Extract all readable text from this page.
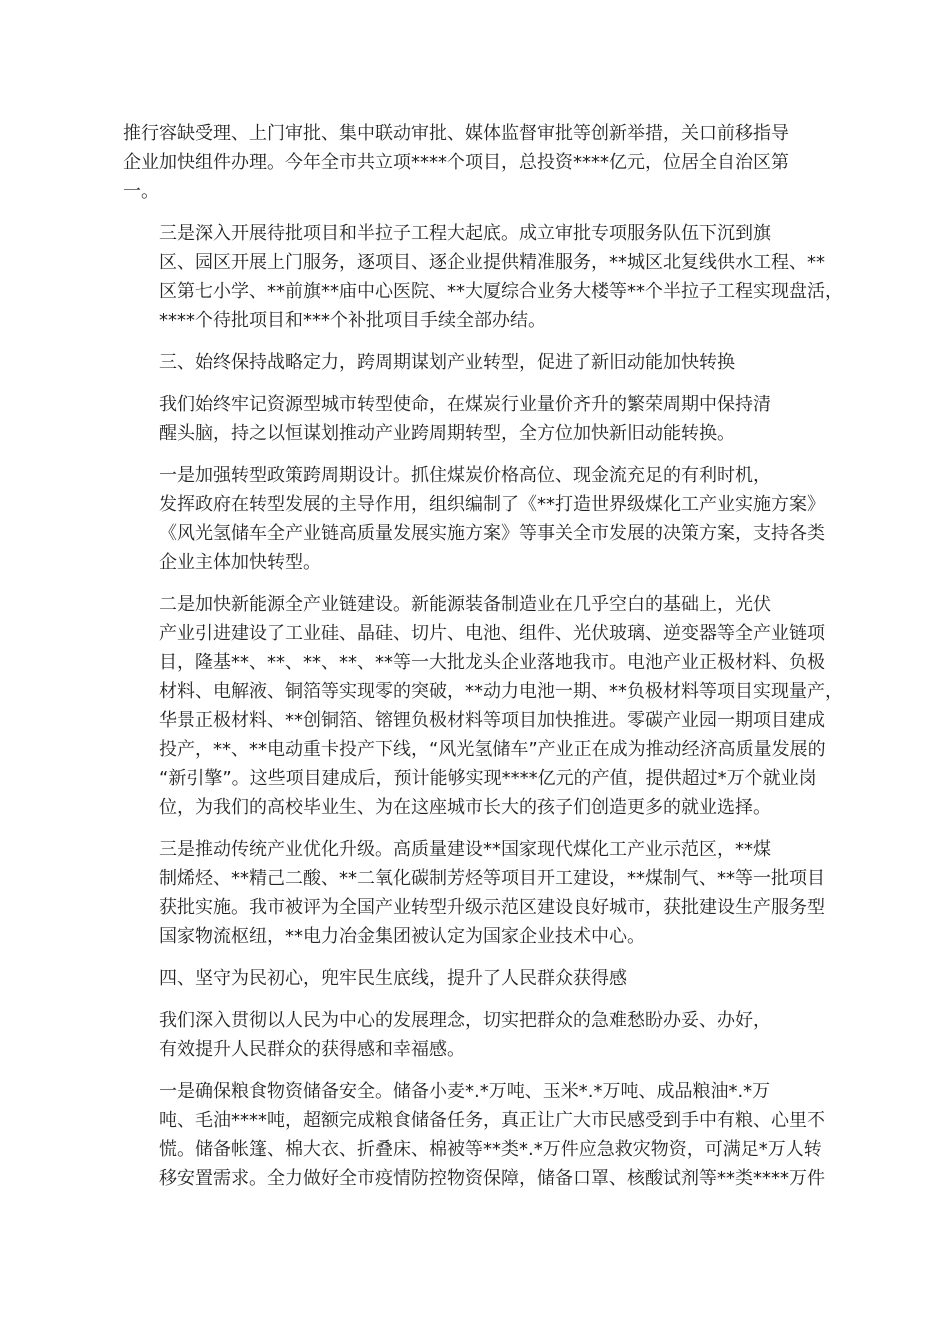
推行容缺受理、上门审批、集中联动审批、媒体监督审批等创新举措，关口前移指导
企业加快组件办理。今年全市共立项****个项目，总投资****亿元，位居全自治区第
一。
三是深入开展待批项目和半拉子工程大起底。成立审批专项服务队伍下沉到旗
区、园区开展上门服务，逐项目、逐企业提供精准服务，**城区北复线供水工程、**
区第七小学、**前旗**庙中心医院、**大厦综合业务大楼等**个半拉子工程实现盘活，
****个待批项目和***个补批项目手续全部办结。
三、始终保持战略定力，跨周期谋划产业转型，促进了新旧动能加快转换
我们始终牢记资源型城市转型使命，在煤炭行业量价齐升的繁荣周期中保持清
醒头脑，持之以恒谋划推动产业跨周期转型，全方位加快新旧动能转换。
一是加强转型政策跨周期设计。抓住煤炭价格高位、现金流充足的有利时机，
发挥政府在转型发展的主导作用，组织编制了《**打造世界级煤化工产业实施方案》
《风光氢储车全产业链高质量发展实施方案》等事关全市发展的决策方案，支持各类
企业主体加快转型。
二是加快新能源全产业链建设。新能源装备制造业在几乎空白的基础上，光伏
产业引进建设了工业硅、晶硅、切片、电池、组件、光伏玻璃、逆变器等全产业链项
目，隆基**、**、**、**、**等一大批龙头企业落地我市。电池产业正极材料、负极
材料、电解液、铜箔等实现零的突破，**动力电池一期、**负极材料等项目实现量产，
华景正极材料、**创铜箔、镕锂负极材料等项目加快推进。零碳产业园一期项目建成
投产，**、**电动重卡投产下线，“风光氢储车”产业正在成为推动经济高质量发展的
“新引擎”。这些项目建成后，预计能够实现****亿元的产值，提供超过*万个就业岗
位，为我们的高校毕业生、为在这座城市长大的孩子们创造更多的就业选择。
三是推动传统产业优化升级。高质量建设**国家现代煤化工产业示范区，**煤
制烯烃、**精己二酸、**二氧化碳制芳烃等项目开工建设，**煤制气、**等一批项目
获批实施。我市被评为全国产业转型升级示范区建设良好城市，获批建设生产服务型
国家物流枢纽，**电力冶金集团被认定为国家企业技术中心。
四、坚守为民初心，兜牢民生底线，提升了人民群众获得感
我们深入贯彻以人民为中心的发展理念，切实把群众的急难愁盼办妥、办好，
有效提升人民群众的获得感和幸福感。
一是确保粮食物资储备安全。储备小麦*.*万吨、玉米*.*万吨、成品粮油*.*万
吨、毛油****吨，超额完成粮食储备任务，真正让广大市民感受到手中有粮、心里不
慌。储备帐篷、棉大衣、折叠床、棉被等**类*.*万件应急救灾物资，可满足*万人转
移安置需求。全力做好全市疫情防控物资保障，储备口罩、核酸试剂等**类****万件
